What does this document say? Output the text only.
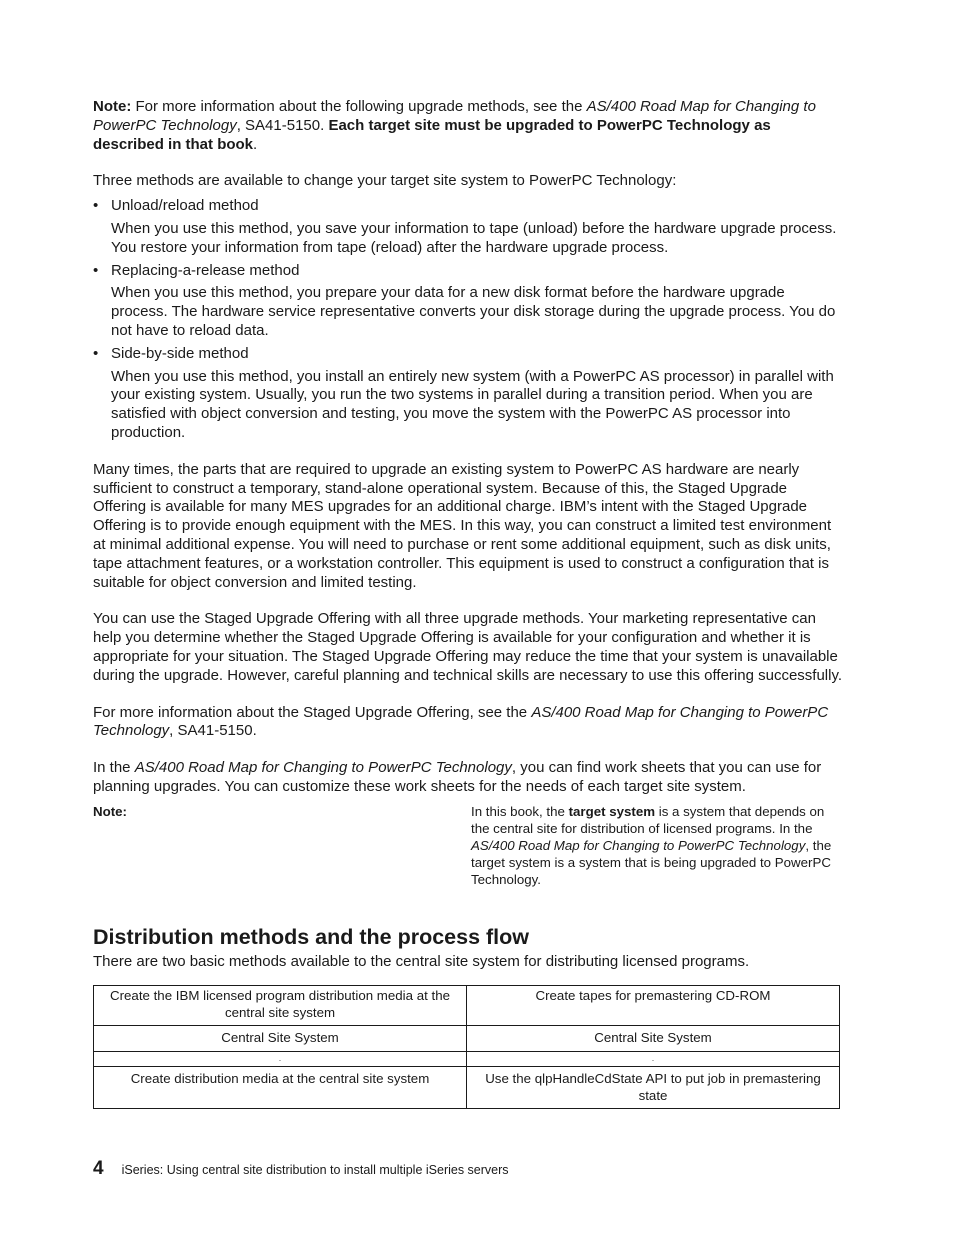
Note: For more information about the following upgrade methods, see the AS/400 Road Map for Changing to PowerPC Technology, SA41-5150. Each target site must be upgraded to PowerPC Technology as described in that book.

Three methods are available to change your target site system to PowerPC Technology:

• Unload/reload method
When you use this method, you save your information to tape (unload) before the hardware upgrade process. You restore your information from tape (reload) after the hardware upgrade process.
• Replacing-a-release method
When you use this method, you prepare your data for a new disk format before the hardware upgrade process. The hardware service representative converts your disk storage during the upgrade process. You do not have to reload data.
• Side-by-side method
When you use this method, you install an entirely new system (with a PowerPC AS processor) in parallel with your existing system. Usually, you run the two systems in parallel during a transition period. When you are satisfied with object conversion and testing, you move the system with the PowerPC AS processor into production.

Many times, the parts that are required to upgrade an existing system to PowerPC AS hardware are nearly sufficient to construct a temporary, stand-alone operational system. Because of this, the Staged Upgrade Offering is available for many MES upgrades for an additional charge. IBM’s intent with the Staged Upgrade Offering is to provide enough equipment with the MES. In this way, you can construct a limited test environment at minimal additional expense. You will need to purchase or rent some additional equipment, such as disk units, tape attachment features, or a workstation controller. This equipment is used to construct a configuration that is suitable for object conversion and limited testing.

You can use the Staged Upgrade Offering with all three upgrade methods. Your marketing representative can help you determine whether the Staged Upgrade Offering is available for your configuration and whether it is appropriate for your situation. The Staged Upgrade Offering may reduce the time that your system is unavailable during the upgrade. However, careful planning and technical skills are necessary to use this offering successfully.

For more information about the Staged Upgrade Offering, see the AS/400 Road Map for Changing to PowerPC Technology, SA41-5150.

In the AS/400 Road Map for Changing to PowerPC Technology, you can find work sheets that you can use for planning upgrades. You can customize these work sheets for the needs of each target site system.

Note:	In this book, the target system is a system that depends on the central site for distribution of licensed programs. In the AS/400 Road Map for Changing to PowerPC Technology, the target system is a system that is being upgraded to PowerPC Technology.
Distribution methods and the process flow

There are two basic methods available to the central site system for distributing licensed programs.

Create the IBM licensed program distribution media at the central site system	Create tapes for premastering CD-ROM
Central Site System	Central Site System
.	.
Create distribution media at the central site system	Use the qlpHandleCdState API to put job in premastering state
4 iSeries: Using central site distribution to install multiple iSeries servers
